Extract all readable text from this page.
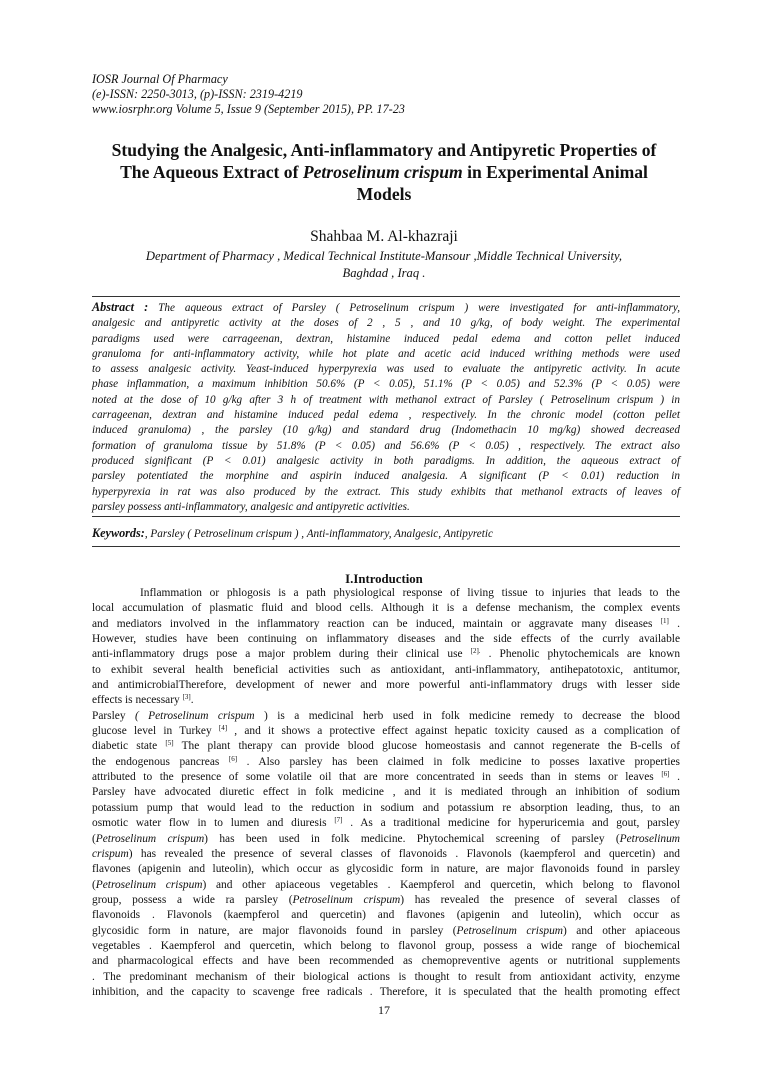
IOSR Journal Of Pharmacy
(e)-ISSN: 2250-3013, (p)-ISSN: 2319-4219
www.iosrphr.org Volume 5, Issue 9 (September 2015), PP. 17-23
Studying the Analgesic, Anti-inflammatory and Antipyretic Properties of
The Aqueous Extract of Petroselinum crispum in Experimental Animal
Models
Shahbaa M. Al-khazraji
Department of Pharmacy , Medical Technical Institute-Mansour ,Middle Technical University,
Baghdad , Iraq .
Abstract : The aqueous extract of Parsley ( Petroselinum crispum ) were investigated for anti-inflammatory,
analgesic and antipyretic activity at the doses of 2 , 5 , and 10 g/kg, of body weight. The experimental
paradigms used were carrageenan, dextran, histamine induced pedal edema and cotton pellet induced
granuloma for anti-inflammatory activity, while hot plate and acetic acid induced writhing methods were used
to assess analgesic activity. Yeast-induced hyperpyrexia was used to evaluate the antipyretic activity. In acute
phase inflammation, a maximum inhibition 50.6% (P < 0.05), 51.1% (P < 0.05) and 52.3% (P < 0.05) were
noted at the dose of 10 g/kg after 3 h of treatment with methanol extract of Parsley ( Petroselinum crispum ) in
carrageenan, dextran and histamine induced pedal edema , respectively. In the chronic model (cotton pellet
induced granuloma) , the parsley (10 g/kg) and standard drug (Indomethacin 10 mg/kg) showed decreased
formation of granuloma tissue by 51.8% (P < 0.05) and 56.6% (P < 0.05) , respectively. The extract also
produced significant (P < 0.01) analgesic activity in both paradigms. In addition, the aqueous extract of
parsley potentiated the morphine and aspirin induced analgesia. A significant (P < 0.01) reduction in
hyperpyrexia in rat was also produced by the extract. This study exhibits that methanol extracts of leaves of
parsley possess anti-inflammatory, analgesic and antipyretic activities.
Keywords:, Parsley ( Petroselinum crispum ) , Anti-inflammatory, Analgesic, Antipyretic
I.Introduction
Inflammation or phlogosis is a path physiological response of living tissue to injuries that leads to the
local accumulation of plasmatic fluid and blood cells. Although it is a defense mechanism, the complex events
and mediators involved in the inflammatory reaction can be induced, maintain or aggravate many diseases [1] .
However, studies have been continuing on inflammatory diseases and the side effects of the currly available
anti-inflammatory drugs pose a major problem during their clinical use $^{[2].}$ . Phenolic phytochemicals are known
to exhibit several health beneficial activities such as antioxidant, anti-inflammatory, antihepatotoxic, antitumor,
and antimicrobialTherefore, development of newer and more powerful anti-inflammatory drugs with lesser side
effects is necessary [3].
Parsley ( Petroselinum crispum ) is a medicinal herb used in folk medicine remedy to decrease the blood
glucose level in Turkey [4] , and it shows a protective effect against hepatic toxicity caused as a complication of
diabetic state [5] The plant therapy can provide blood glucose homeostasis and cannot regenerate the B-cells of
the endogenous pancreas [6] . Also parsley has been claimed in folk medicine to posses laxative properties
attributed to the presence of some volatile oil that are more concentrated in seeds than in stems or leaves [6] .
Parsley have advocated diuretic effect in folk medicine , and it is mediated through an inhibition of sodium
potassium pump that would lead to the reduction in sodium and potassium re absorption leading, thus, to an
osmotic water flow in to lumen and diuresis [7] . As a traditional medicine for hyperuricemia and gout, parsley
(Petroselinum crispum) has been used in folk medicine. Phytochemical screening of parsley (Petroselinum
crispum) has revealed the presence of several classes of flavonoids . Flavonols (kaempferol and quercetin) and
flavones (apigenin and luteolin), which occur as glycosidic form in nature, are major flavonoids found in parsley
(Petroselinum crispum) and other apiaceous vegetables . Kaempferol and quercetin, which belong to flavonol
group, possess a wide ra parsley (Petroselinum crispum) has revealed the presence of several classes of
flavonoids . Flavonols (kaempferol and quercetin) and flavones (apigenin and luteolin), which occur as
glycosidic form in nature, are major flavonoids found in parsley (Petroselinum crispum) and other apiaceous
vegetables . Kaempferol and quercetin, which belong to flavonol group, possess a wide range of biochemical
and pharmacological effects and have been recommended as chemopreventive agents or nutritional supplements
. The predominant mechanism of their biological actions is thought to result from antioxidant activity, enzyme
inhibition, and the capacity to scavenge free radicals . Therefore, it is speculated that the health promoting effect
17
